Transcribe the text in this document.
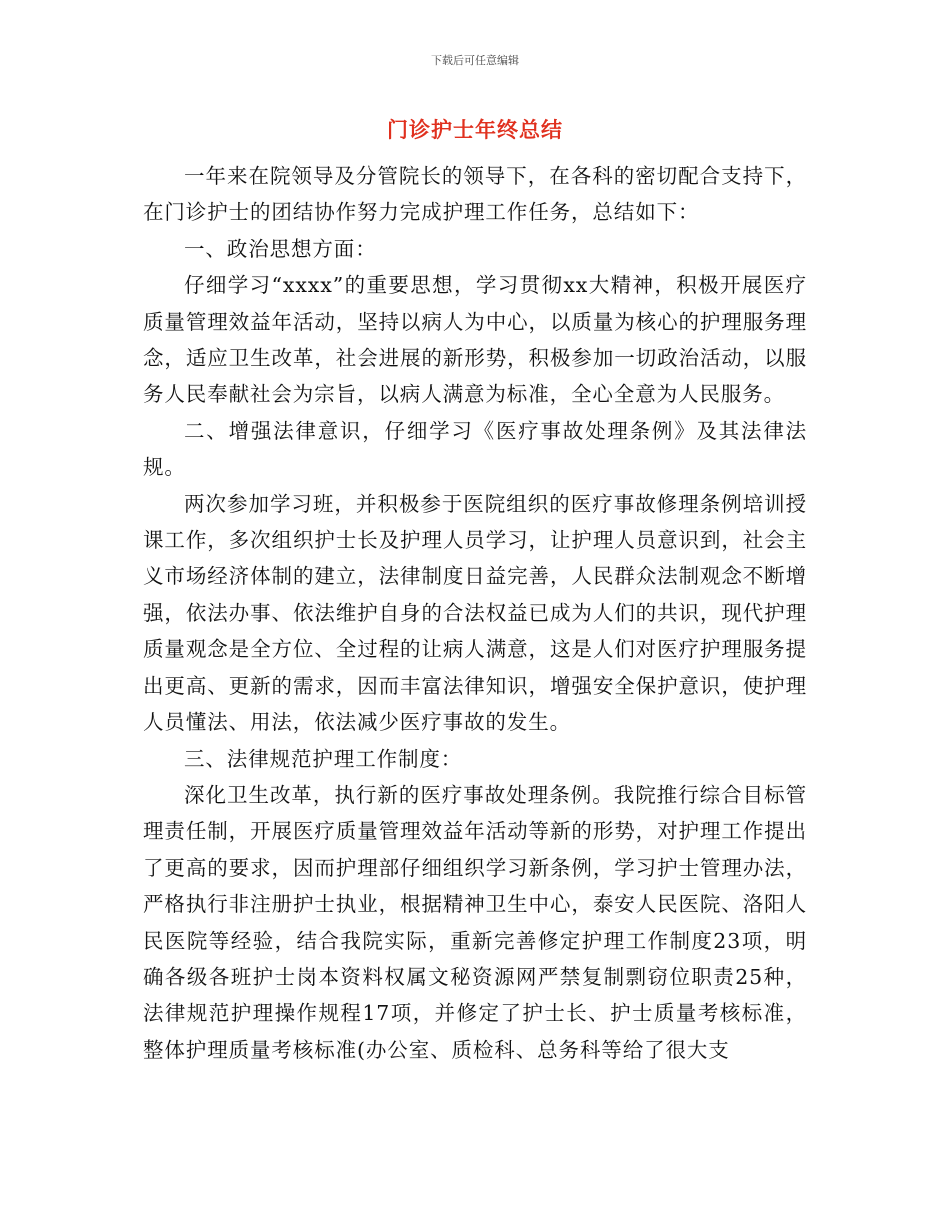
下载后可任意编辑
门诊护士年终总结

一年来在院领导及分管院长的领导下，在各科的密切配合支持下，在门诊护士的团结协作努力完成护理工作任务，总结如下：

一、政治思想方面：

仔细学习“xxxx”的重要思想，学习贯彻xx大精神，积极开展医疗质量管理效益年活动，坚持以病人为中心，以质量为核心的护理服务理念，适应卫生改革，社会进展的新形势，积极参加一切政治活动，以服务人民奉献社会为宗旨，以病人满意为标准，全心全意为人民服务。

二、增强法律意识，仔细学习《医疗事故处理条例》及其法律法规。

两次参加学习班，并积极参于医院组织的医疗事故修理条例培训授课工作，多次组织护士长及护理人员学习，让护理人员意识到，社会主义市场经济体制的建立，法律制度日益完善，人民群众法制观念不断增强，依法办事、依法维护自身的合法权益已成为人们的共识，现代护理质量观念是全方位、全过程的让病人满意，这是人们对医疗护理服务提出更高、更新的需求，因而丰富法律知识，增强安全保护意识，使护理人员懂法、用法，依法减少医疗事故的发生。

三、法律规范护理工作制度：

深化卫生改革，执行新的医疗事故处理条例。我院推行综合目标管理责任制，开展医疗质量管理效益年活动等新的形势，对护理工作提出了更高的要求，因而护理部仔细组织学习新条例，学习护士管理办法，严格执行非注册护士执业，根据精神卫生中心，泰安人民医院、洛阳人民医院等经验，结合我院实际，重新完善修定护理工作制度23项，明确各级各班护士岗本资料权属文秘资源网严禁复制剽窃位职责25种，法律规范护理操作规程17项，并修定了护士长、护士质量考核标准，整体护理质量考核标准(办公室、质检科、总务科等给了很大支
